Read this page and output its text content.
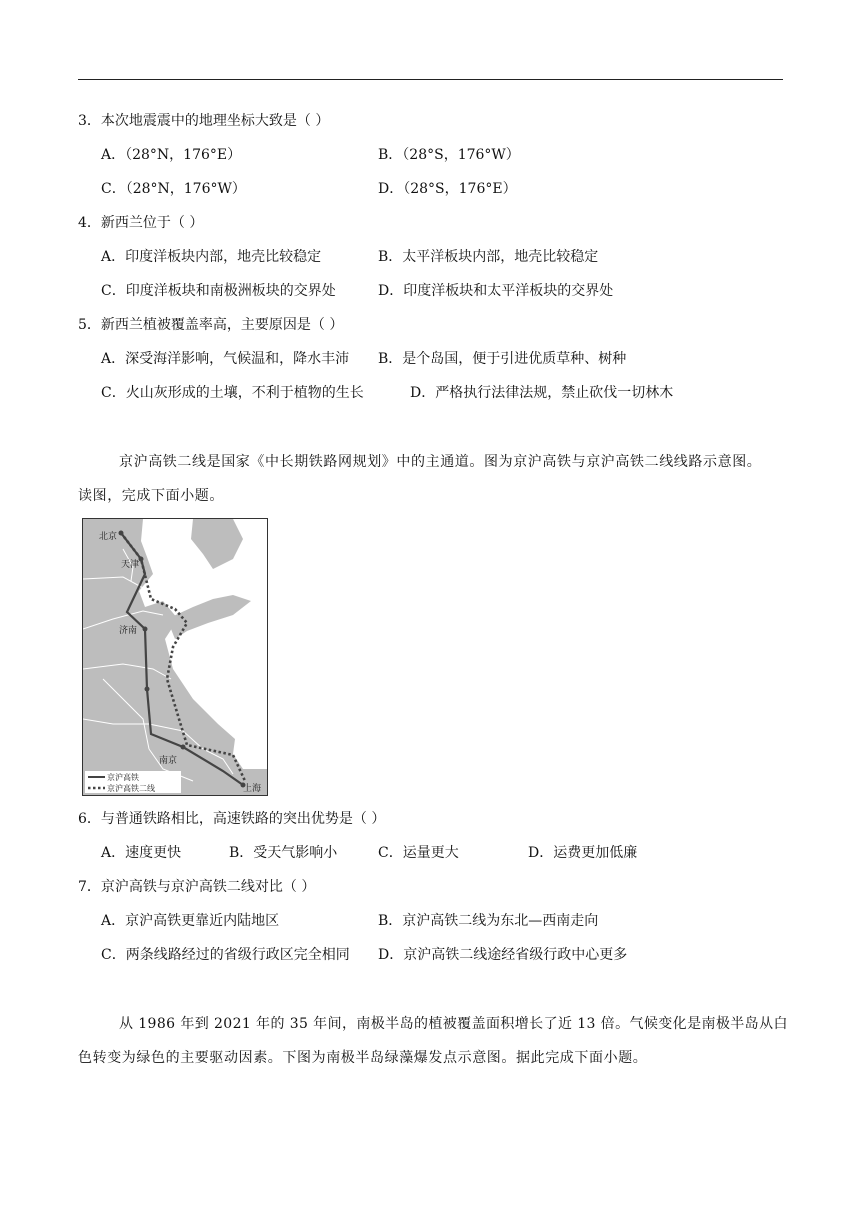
3．本次地震震中的地理坐标大致是（ ）
A．（28°N，176°E）	B．（28°S，176°W）
C．（28°N，176°W）	D．（28°S，176°E）
4．新西兰位于（ ）
A．印度洋板块内部，地壳比较稳定	B．太平洋板块内部，地壳比较稳定
C．印度洋板块和南极洲板块的交界处	D．印度洋板块和太平洋板块的交界处
5．新西兰植被覆盖率高，主要原因是（ ）
A．深受海洋影响，气候温和，降水丰沛 B．是个岛国，便于引进优质草种、树种
C．火山灰形成的土壤，不利于植物的生长	D．严格执行法律法规，禁止砍伐一切林木
京沪高铁二线是国家《中长期铁路网规划》中的主通道。图为京沪高铁与京沪高铁二线线路示意图。
读图，完成下面小题。
北京
天津
济南
南京
上海
京沪高铁
京沪高铁二线
6．与普通铁路相比，高速铁路的突出优势是（ ）
A．速度更快	B．受天气影响小	C．运量更大	D．运费更加低廉
7．京沪高铁与京沪高铁二线对比（ ）
A．京沪高铁更靠近内陆地区	B．京沪高铁二线为东北—西南走向
C．两条线路经过的省级行政区完全相同 D．京沪高铁二线途经省级行政中心更多
从 1986 年到 2021 年的 35 年间，南极半岛的植被覆盖面积增长了近 13 倍。气候变化是南极半岛从白
色转变为绿色的主要驱动因素。下图为南极半岛绿藻爆发点示意图。据此完成下面小题。
